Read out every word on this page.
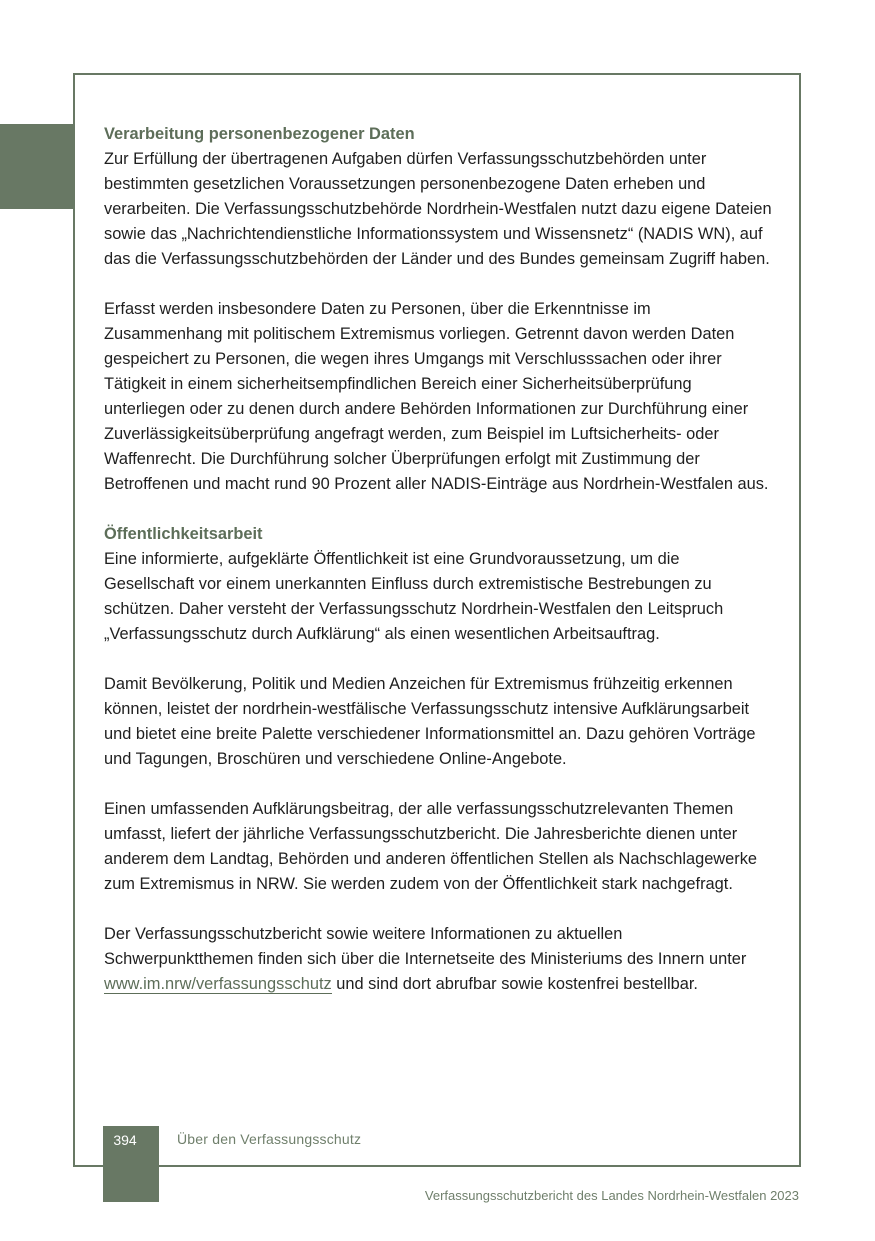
Verarbeitung personenbezogener Daten

Zur Erfüllung der übertragenen Aufgaben dürfen Verfassungsschutzbehörden unter bestimmten gesetzlichen Voraussetzungen personenbezogene Daten erheben und verarbeiten. Die Verfassungsschutzbehörde Nordrhein-Westfalen nutzt dazu eigene Dateien sowie das „Nachrichtendienstliche Informationssystem und Wissensnetz“ (NADIS WN), auf das die Verfassungsschutzbehörden der Länder und des Bundes gemeinsam Zugriff haben.

Erfasst werden insbesondere Daten zu Personen, über die Erkenntnisse im Zusammenhang mit politischem Extremismus vorliegen. Getrennt davon werden Daten gespeichert zu Personen, die wegen ihres Umgangs mit Verschlusssachen oder ihrer Tätigkeit in einem sicherheitsempfindlichen Bereich einer Sicherheitsüberprüfung unterliegen oder zu denen durch andere Behörden Informationen zur Durchführung einer Zuverlässigkeitsüberprüfung angefragt werden, zum Beispiel im Luftsicherheits- oder Waffenrecht. Die Durchführung solcher Überprüfungen erfolgt mit Zustimmung der Betroffenen und macht rund 90 Prozent aller NADIS-Einträge aus Nordrhein-Westfalen aus.

Öffentlichkeitsarbeit

Eine informierte, aufgeklärte Öffentlichkeit ist eine Grundvoraussetzung, um die Gesellschaft vor einem unerkannten Einfluss durch extremistische Bestrebungen zu schützen. Daher versteht der Verfassungsschutz Nordrhein-Westfalen den Leitspruch „Verfassungsschutz durch Aufklärung“ als einen wesentlichen Arbeitsauftrag.

Damit Bevölkerung, Politik und Medien Anzeichen für Extremismus frühzeitig erkennen können, leistet der nordrhein-westfälische Verfassungsschutz intensive Aufklärungsarbeit und bietet eine breite Palette verschiedener Informationsmittel an. Dazu gehören Vorträge und Tagungen, Broschüren und verschiedene Online-Angebote.

Einen umfassenden Aufklärungsbeitrag, der alle verfassungsschutzrelevanten Themen umfasst, liefert der jährliche Verfassungsschutzbericht. Die Jahresberichte dienen unter anderem dem Landtag, Behörden und anderen öffentlichen Stellen als Nachschlagewerke zum Extremismus in NRW. Sie werden zudem von der Öffentlichkeit stark nachgefragt.

Der Verfassungsschutzbericht sowie weitere Informationen zu aktuellen Schwerpunktthemen finden sich über die Internetseite des Ministeriums des Innern unter www.im.nrw/verfassungsschutz und sind dort abrufbar sowie kostenfrei bestellbar.

394	Über den Verfassungsschutz
Verfassungsschutzbericht des Landes Nordrhein-Westfalen 2023
